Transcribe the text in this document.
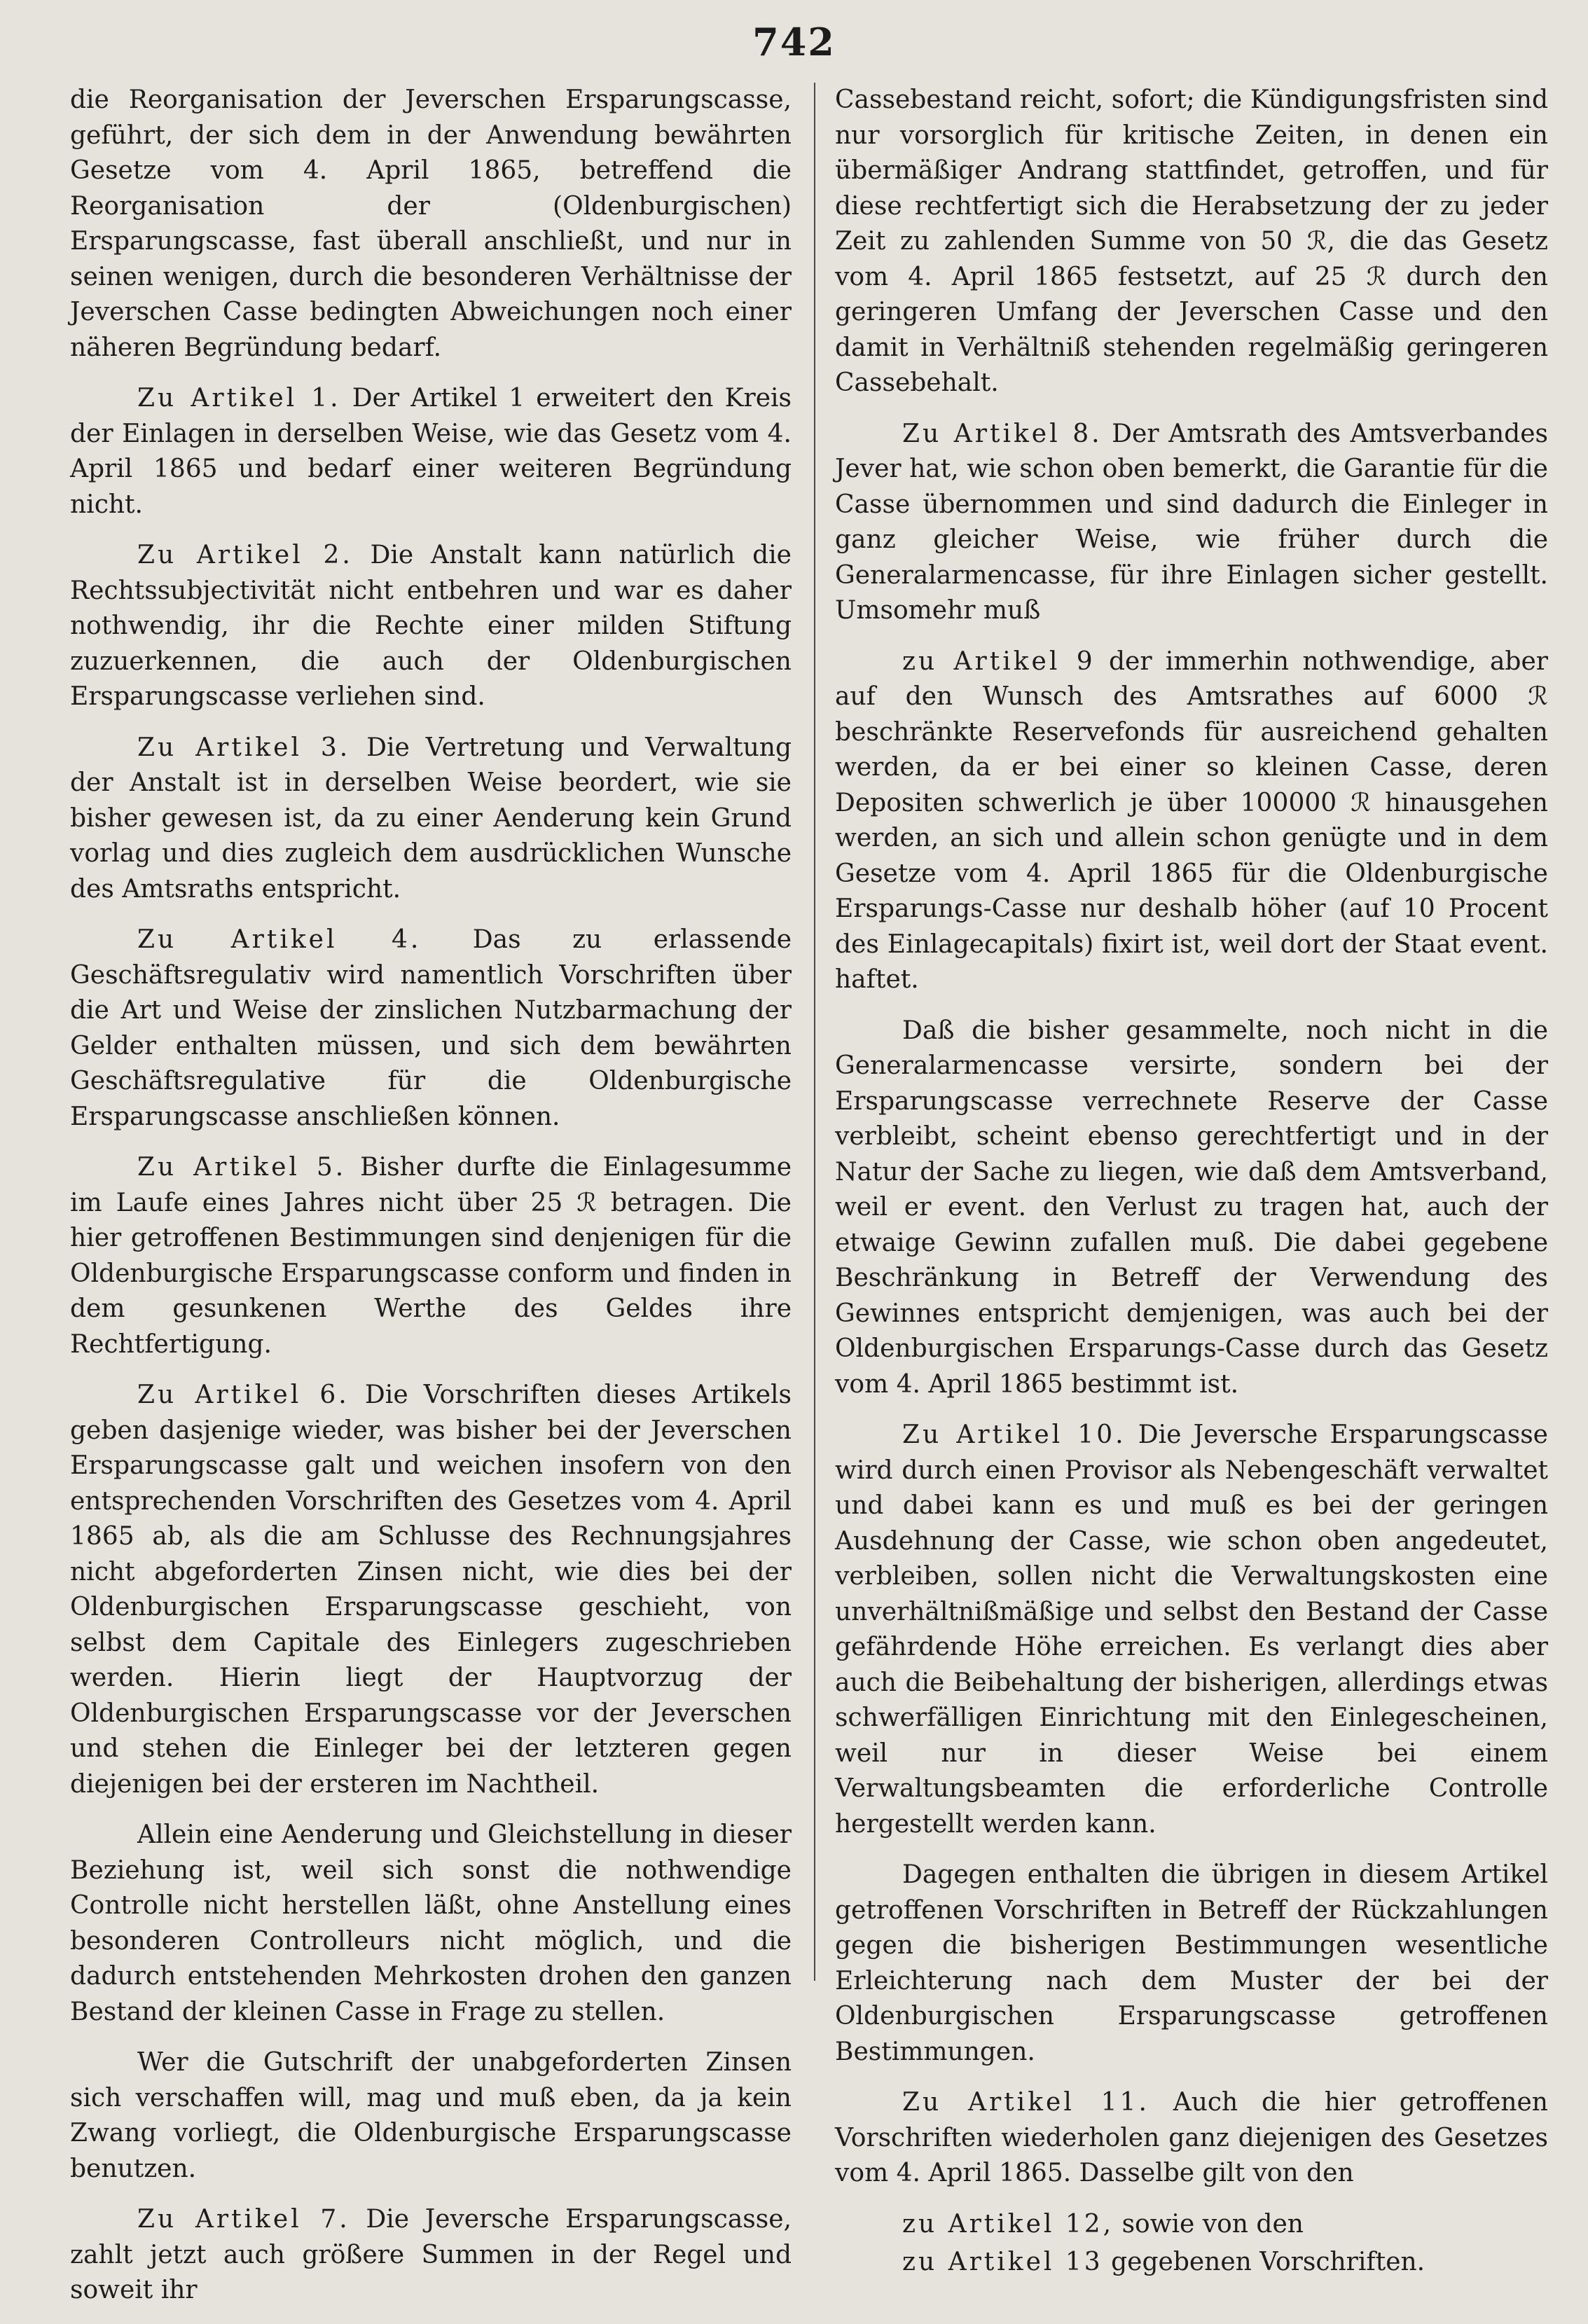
742

die Reorganisation der Jeverschen Ersparungscasse, geführt, der sich dem in der Anwendung bewährten Gesetze vom 4. April 1865, betreffend die Reorganisation der (Oldenburgischen) Ersparungscasse, fast überall anschließt, und nur in seinen wenigen, durch die besonderen Verhältnisse der Jeverschen Casse bedingten Abweichungen noch einer näheren Begründung bedarf.

Zu Artikel 1. Der Artikel 1 erweitert den Kreis der Einlagen in derselben Weise, wie das Gesetz vom 4. April 1865 und bedarf einer weiteren Begründung nicht.

Zu Artikel 2. Die Anstalt kann natürlich die Rechtssubjectivität nicht entbehren und war es daher nothwendig, ihr die Rechte einer milden Stiftung zuzuerkennen, die auch der Oldenburgischen Ersparungscasse verliehen sind.

Zu Artikel 3. Die Vertretung und Verwaltung der Anstalt ist in derselben Weise beordert, wie sie bisher gewesen ist, da zu einer Aenderung kein Grund vorlag und dies zugleich dem ausdrücklichen Wunsche des Amtsraths entspricht.

Zu Artikel 4. Das zu erlassende Geschäftsregulativ wird namentlich Vorschriften über die Art und Weise der zinslichen Nutzbarmachung der Gelder enthalten müssen, und sich dem bewährten Geschäftsregulative für die Oldenburgische Ersparungscasse anschließen können.

Zu Artikel 5. Bisher durfte die Einlagesumme im Laufe eines Jahres nicht über 25 ℛ betragen. Die hier getroffenen Bestimmungen sind denjenigen für die Oldenburgische Ersparungscasse conform und finden in dem gesunkenen Werthe des Geldes ihre Rechtfertigung.

Zu Artikel 6. Die Vorschriften dieses Artikels geben dasjenige wieder, was bisher bei der Jeverschen Ersparungscasse galt und weichen insofern von den entsprechenden Vorschriften des Gesetzes vom 4. April 1865 ab, als die am Schlusse des Rechnungsjahres nicht abgeforderten Zinsen nicht, wie dies bei der Oldenburgischen Ersparungscasse geschieht, von selbst dem Capitale des Einlegers zugeschrieben werden. Hierin liegt der Hauptvorzug der Oldenburgischen Ersparungscasse vor der Jeverschen und stehen die Einleger bei der letzteren gegen diejenigen bei der ersteren im Nachtheil.

Allein eine Aenderung und Gleichstellung in dieser Beziehung ist, weil sich sonst die nothwendige Controlle nicht herstellen läßt, ohne Anstellung eines besonderen Controlleurs nicht möglich, und die dadurch entstehenden Mehrkosten drohen den ganzen Bestand der kleinen Casse in Frage zu stellen.

Wer die Gutschrift der unabgeforderten Zinsen sich verschaffen will, mag und muß eben, da ja kein Zwang vorliegt, die Oldenburgische Ersparungscasse benutzen.

Zu Artikel 7. Die Jeversche Ersparungscasse, zahlt jetzt auch größere Summen in der Regel und soweit ihr

Cassebestand reicht, sofort; die Kündigungsfristen sind nur vorsorglich für kritische Zeiten, in denen ein übermäßiger Andrang stattfindet, getroffen, und für diese rechtfertigt sich die Herabsetzung der zu jeder Zeit zu zahlenden Summe von 50 ℛ, die das Gesetz vom 4. April 1865 festsetzt, auf 25 ℛ durch den geringeren Umfang der Jeverschen Casse und den damit in Verhältniß stehenden regelmäßig geringeren Cassebehalt.

Zu Artikel 8. Der Amtsrath des Amtsverbandes Jever hat, wie schon oben bemerkt, die Garantie für die Casse übernommen und sind dadurch die Einleger in ganz gleicher Weise, wie früher durch die Generalarmencasse, für ihre Einlagen sicher gestellt. Umsomehr muß

zu Artikel 9 der immerhin nothwendige, aber auf den Wunsch des Amtsrathes auf 6000 ℛ beschränkte Reservefonds für ausreichend gehalten werden, da er bei einer so kleinen Casse, deren Depositen schwerlich je über 100000 ℛ hinausgehen werden, an sich und allein schon genügte und in dem Gesetze vom 4. April 1865 für die Oldenburgische Ersparungs-Casse nur deshalb höher (auf 10 Procent des Einlagecapitals) fixirt ist, weil dort der Staat event. haftet.

Daß die bisher gesammelte, noch nicht in die Generalarmencasse versirte, sondern bei der Ersparungscasse verrechnete Reserve der Casse verbleibt, scheint ebenso gerechtfertigt und in der Natur der Sache zu liegen, wie daß dem Amtsverband, weil er event. den Verlust zu tragen hat, auch der etwaige Gewinn zufallen muß. Die dabei gegebene Beschränkung in Betreff der Verwendung des Gewinnes entspricht demjenigen, was auch bei der Oldenburgischen Ersparungs-Casse durch das Gesetz vom 4. April 1865 bestimmt ist.

Zu Artikel 10. Die Jeversche Ersparungscasse wird durch einen Provisor als Nebengeschäft verwaltet und dabei kann es und muß es bei der geringen Ausdehnung der Casse, wie schon oben angedeutet, verbleiben, sollen nicht die Verwaltungskosten eine unverhältnißmäßige und selbst den Bestand der Casse gefährdende Höhe erreichen. Es verlangt dies aber auch die Beibehaltung der bisherigen, allerdings etwas schwerfälligen Einrichtung mit den Einlegescheinen, weil nur in dieser Weise bei einem Verwaltungsbeamten die erforderliche Controlle hergestellt werden kann.

Dagegen enthalten die übrigen in diesem Artikel getroffenen Vorschriften in Betreff der Rückzahlungen gegen die bisherigen Bestimmungen wesentliche Erleichterung nach dem Muster der bei der Oldenburgischen Ersparungscasse getroffenen Bestimmungen.

Zu Artikel 11. Auch die hier getroffenen Vorschriften wiederholen ganz diejenigen des Gesetzes vom 4. April 1865. Dasselbe gilt von den

zu Artikel 12, sowie von den

zu Artikel 13 gegebenen Vorschriften.
